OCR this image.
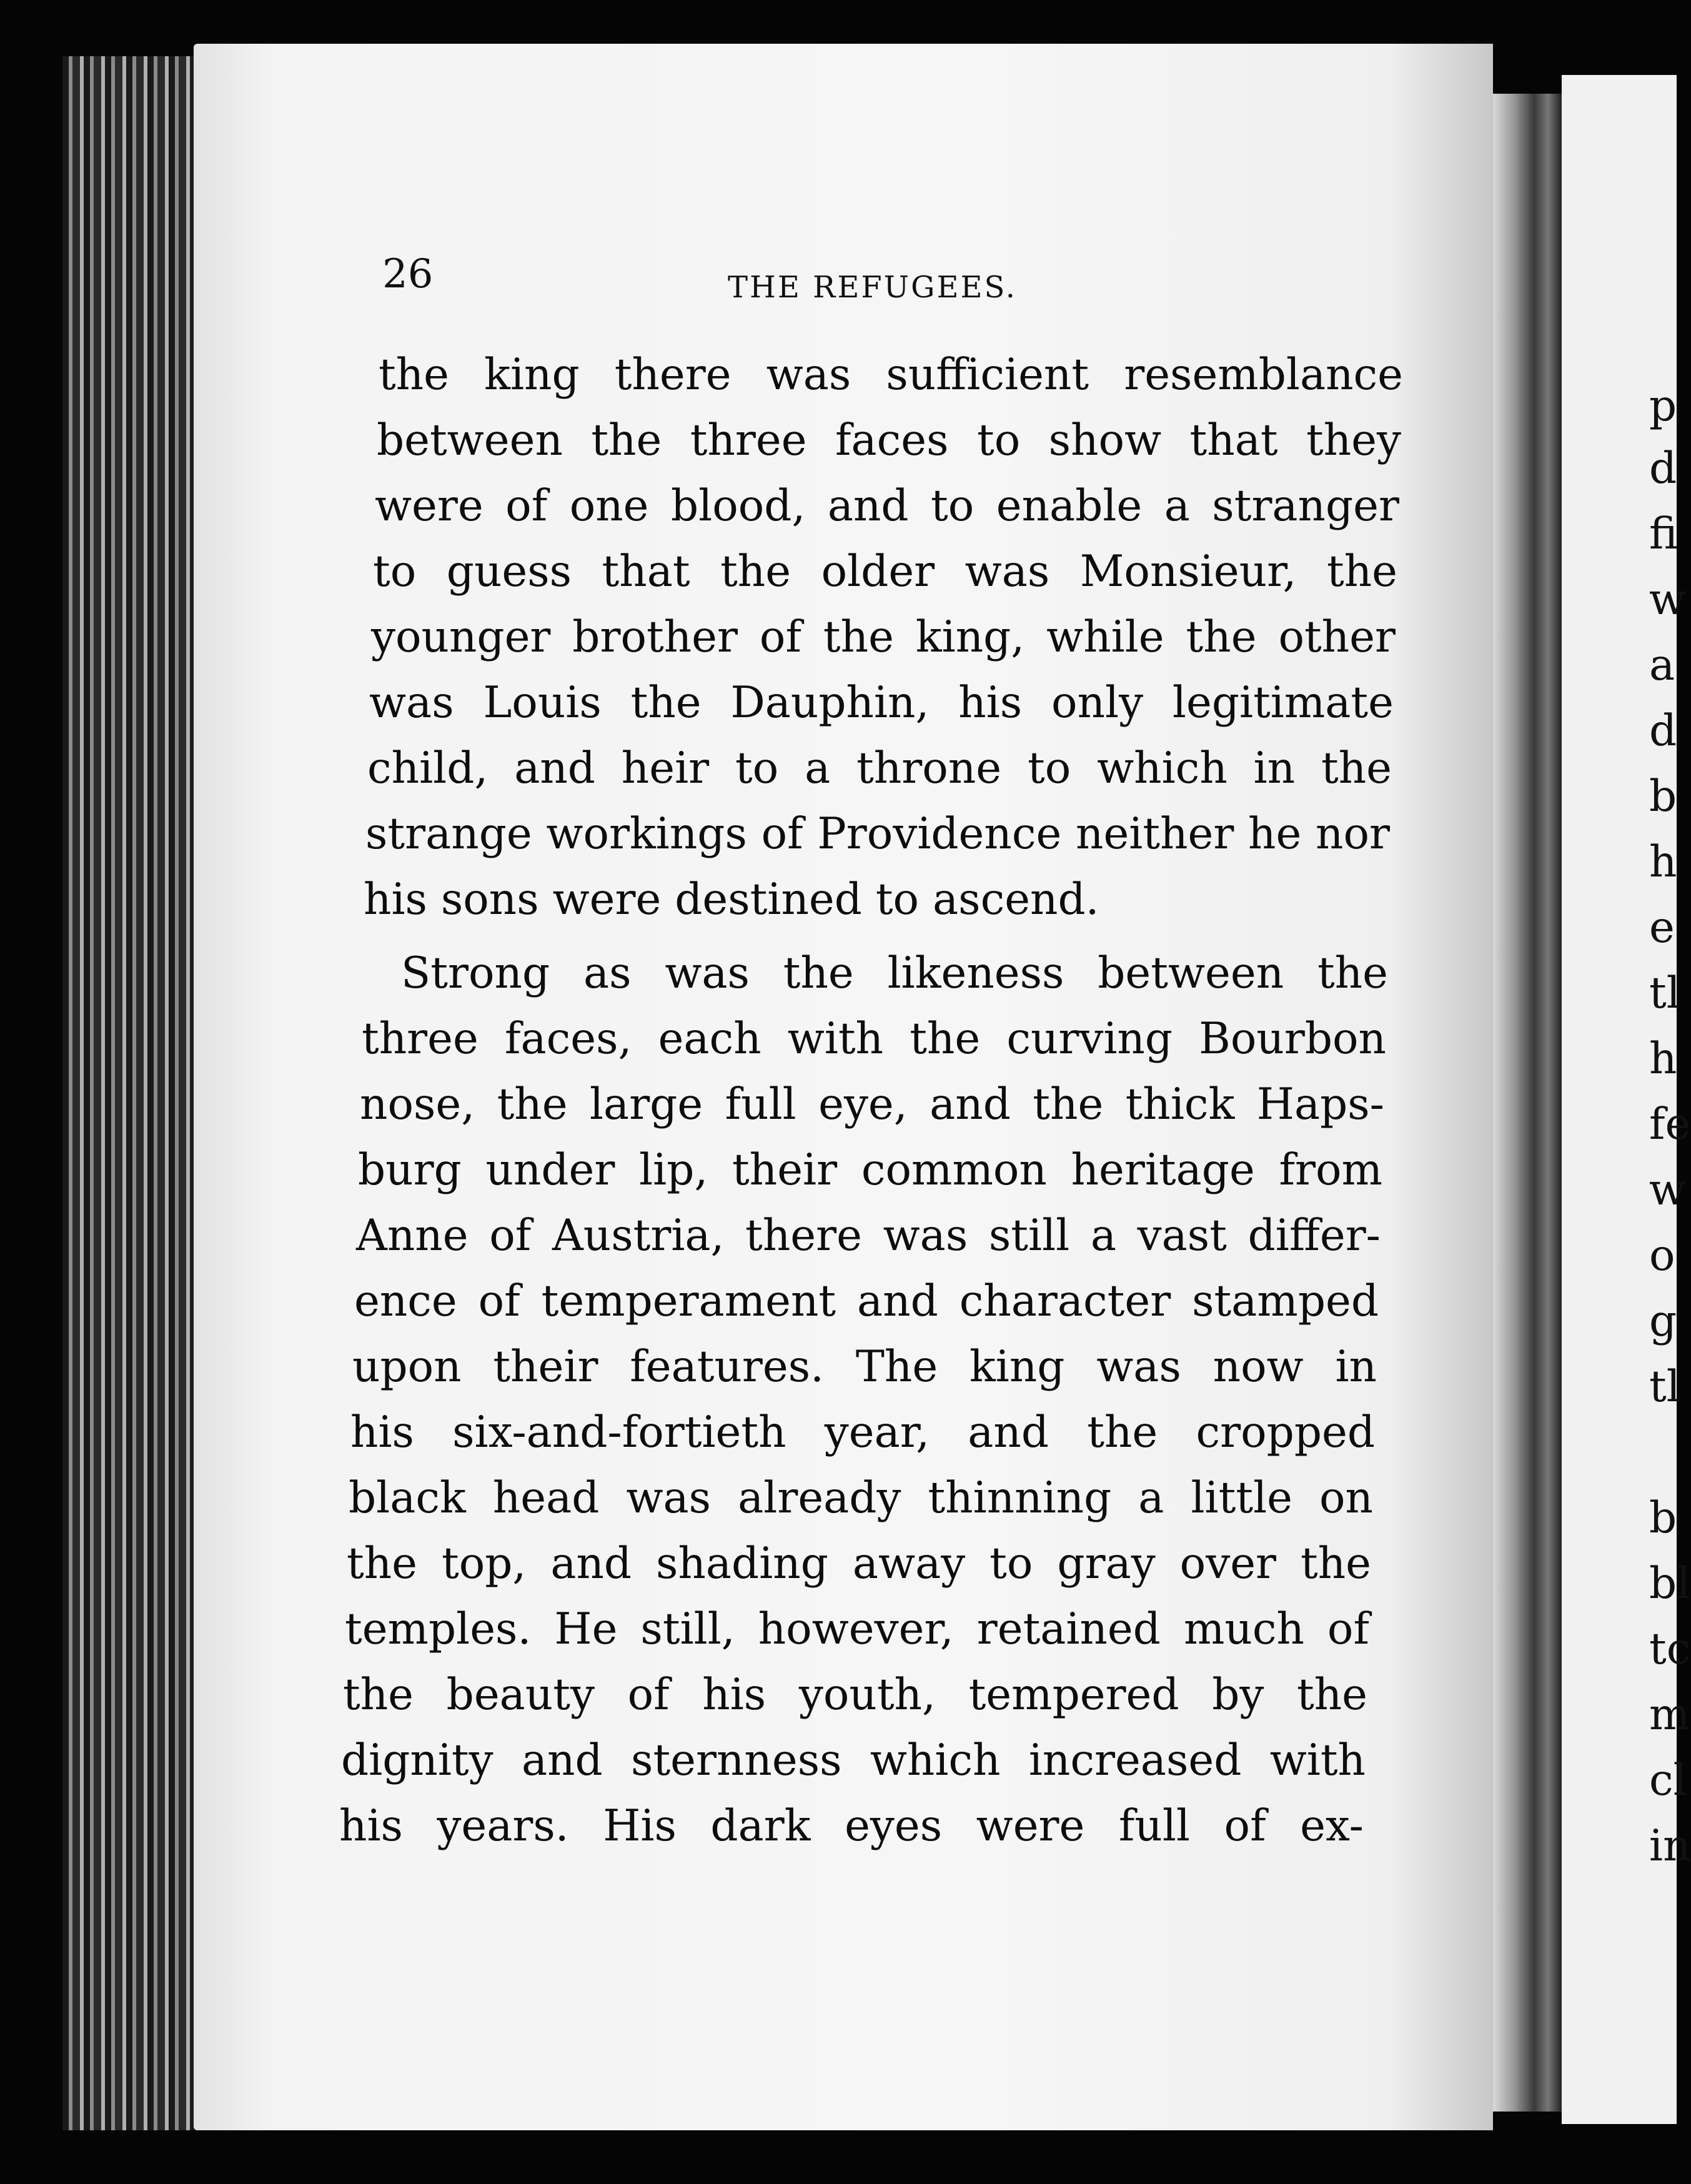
26	THE REFUGEES.
the king there was sufficient resemblance
between the three faces to show that they
were of one blood, and to enable a stranger
to guess that the older was Monsieur, the
younger brother of the king, while the other
was Louis the Dauphin, his only legitimate
child, and heir to a throne to which in the
strange workings of Providence neither he nor
his sons were destined to ascend.
Strong as was the likeness between the
three faces, each with the curving Bourbon
nose, the large full eye, and the thick Haps-
burg under lip, their common heritage from
Anne of Austria, there was still a vast differ-
ence of temperament and character stamped
upon their features. The king was now in
his six-and-fortieth year, and the cropped
black head was already thinning a little on
the top, and shading away to gray over the
temples. He still, however, retained much of
the beauty of his youth, tempered by the
dignity and sternness which increased with
his years. His dark eyes were full of ex-
p
d
fi
w
a
d
b
h
e
tl
h
fe
w
o
g
tl
b
bl
tc
m
cl
in
